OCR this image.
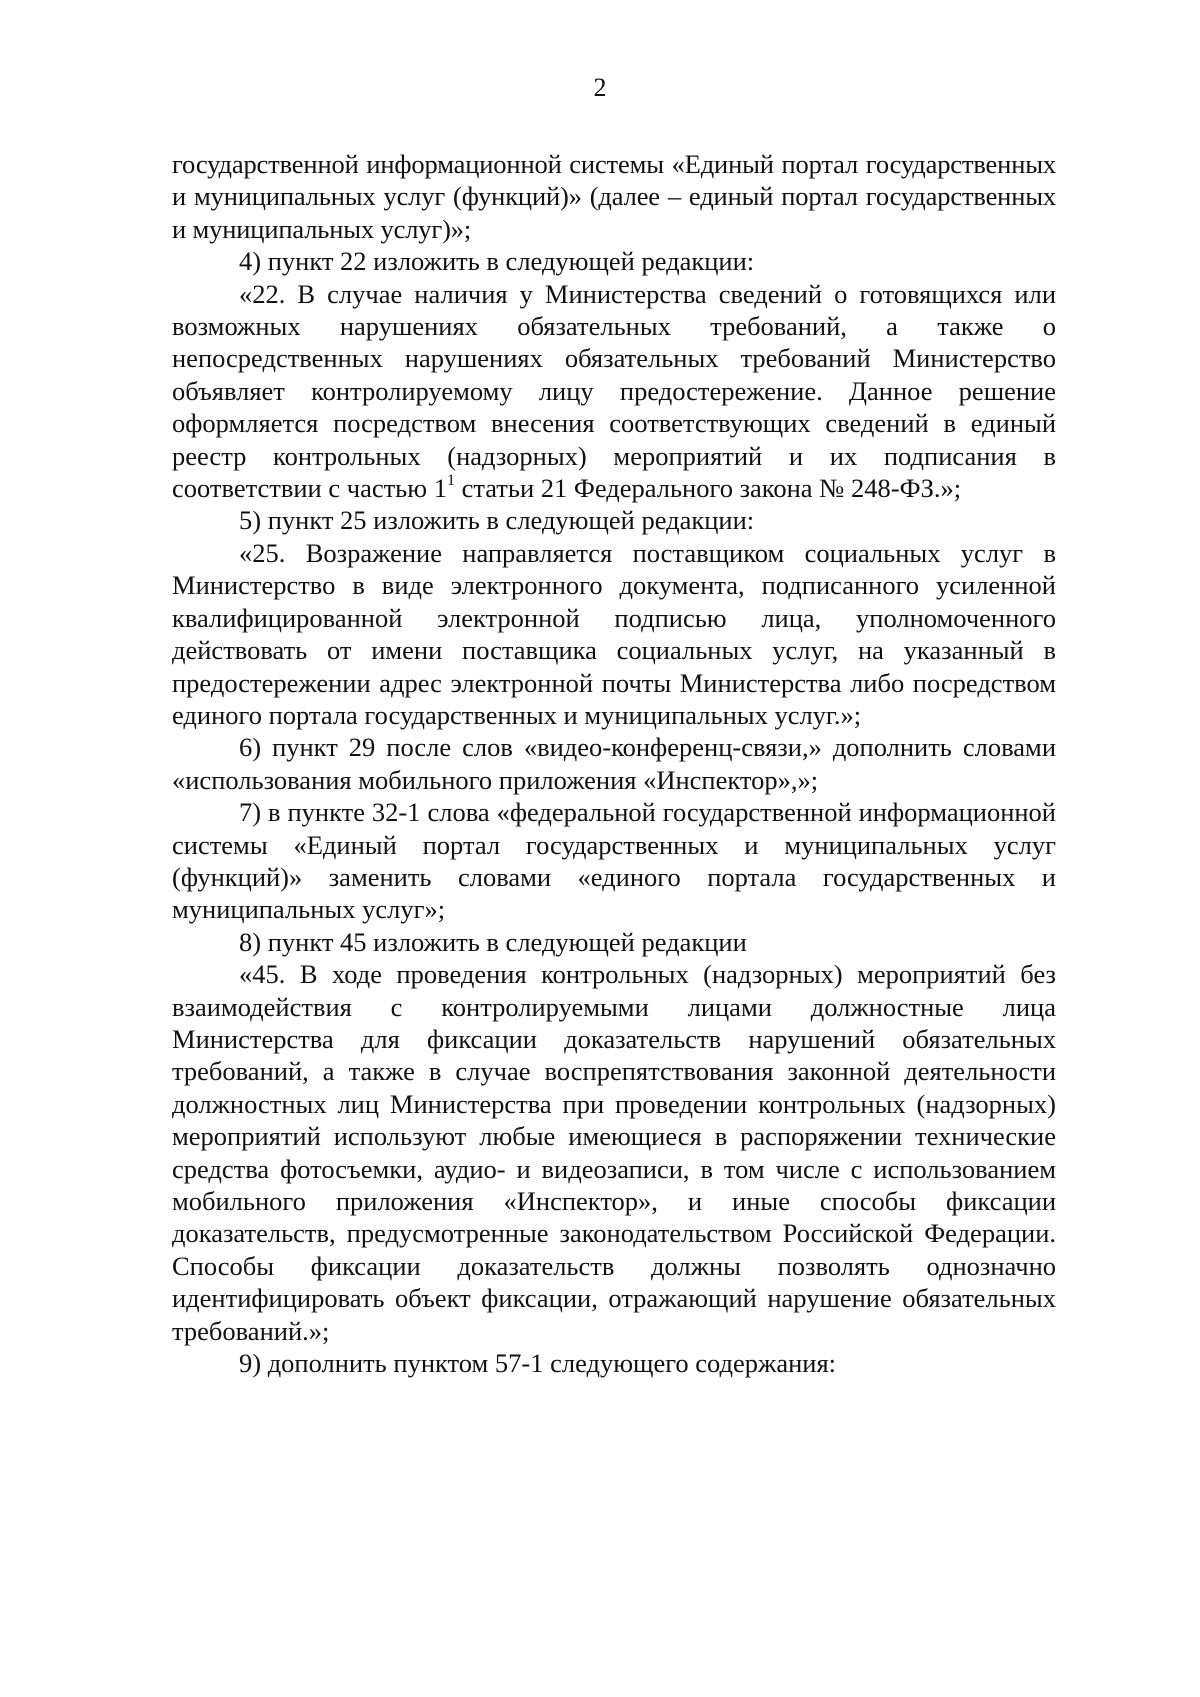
2

государственной информационной системы «Единый портал государственных и муниципальных услуг (функций)» (далее – единый портал государственных и муниципальных услуг)»;

4) пункт 22 изложить в следующей редакции:

«22. В случае наличия у Министерства сведений о готовящихся или возможных нарушениях обязательных требований, а также о непосредственных нарушениях обязательных требований Министерство объявляет контролируемому лицу предостережение. Данное решение оформляется посредством внесения соответствующих сведений в единый реестр контрольных (надзорных) мероприятий и их подписания в соответствии с частью $1^1$ статьи 21 Федерального закона № 248-ФЗ.»;

5) пункт 25 изложить в следующей редакции:

«25. Возражение направляется поставщиком социальных услуг в Министерство в виде электронного документа, подписанного усиленной квалифицированной электронной подписью лица, уполномоченного действовать от имени поставщика социальных услуг, на указанный в предостережении адрес электронной почты Министерства либо посредством единого портала государственных и муниципальных услуг.»;

6) пункт 29 после слов «видео-конференц-связи,» дополнить словами «использования мобильного приложения «Инспектор»,»;

7) в пункте 32-1 слова «федеральной государственной информационной системы «Единый портал государственных и муниципальных услуг (функций)» заменить словами «единого портала государственных и муниципальных услуг»;

8) пункт 45 изложить в следующей редакции

«45. В ходе проведения контрольных (надзорных) мероприятий без взаимодействия с контролируемыми лицами должностные лица Министерства для фиксации доказательств нарушений обязательных требований, а также в случае воспрепятствования законной деятельности должностных лиц Министерства при проведении контрольных (надзорных) мероприятий используют любые имеющиеся в распоряжении технические средства фотосъемки, аудио- и видеозаписи, в том числе с использованием мобильного приложения «Инспектор», и иные способы фиксации доказательств, предусмотренные законодательством Российской Федерации. Способы фиксации доказательств должны позволять однозначно идентифицировать объект фиксации, отражающий нарушение обязательных требований.»;

9) дополнить пунктом 57-1 следующего содержания:
